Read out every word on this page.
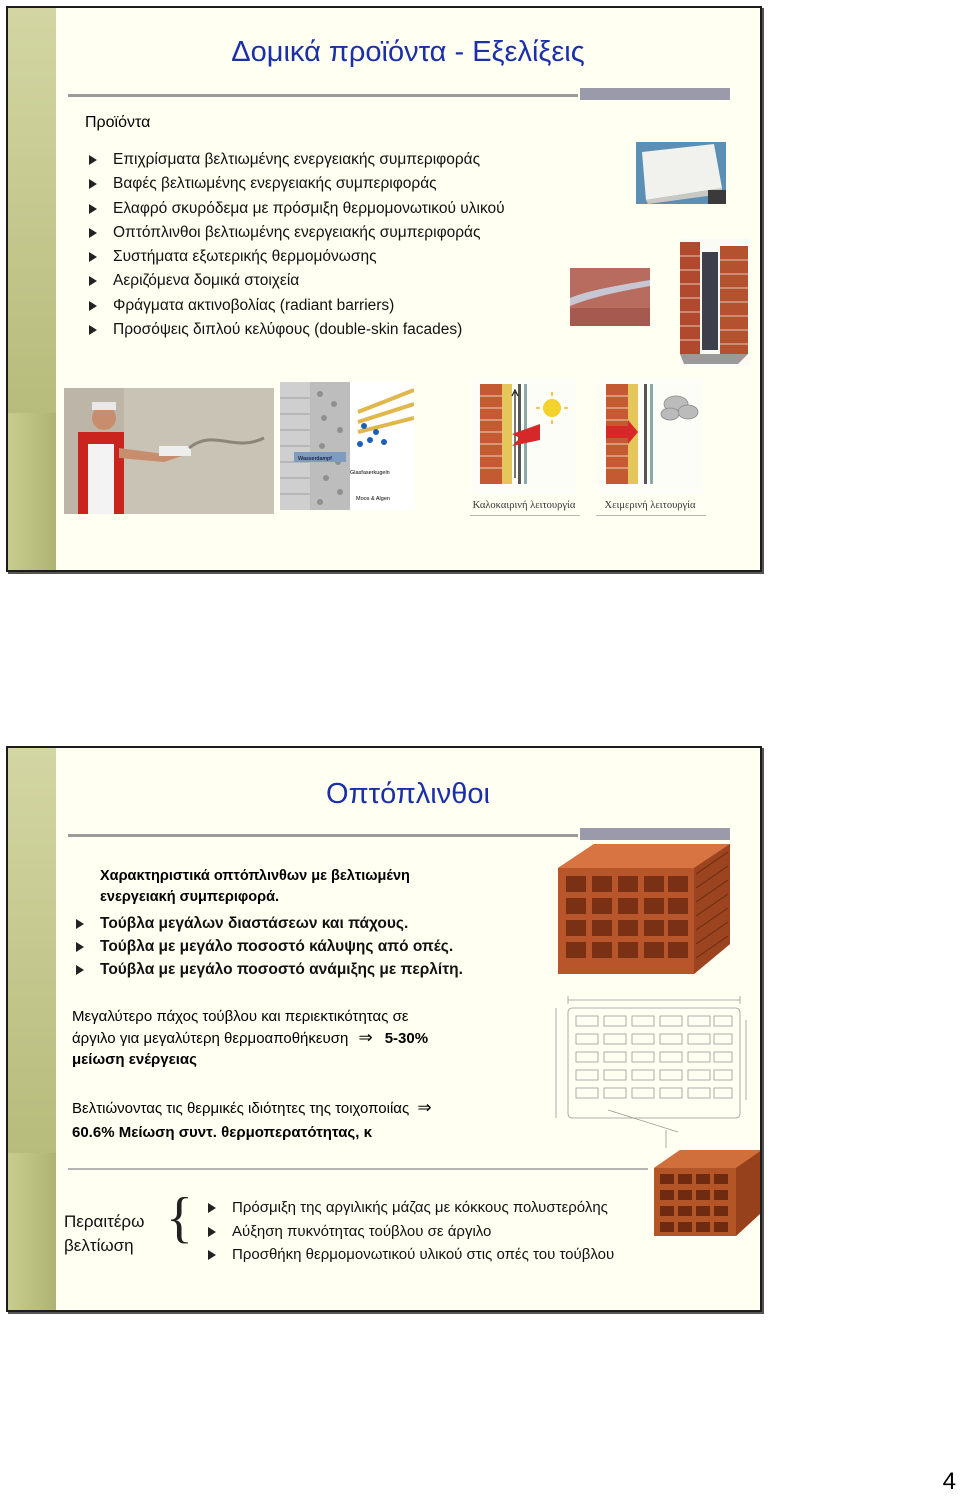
Δομικά προϊόντα - Εξελίξεις
Προϊόντα
Επιχρίσματα βελτιωμένης ενεργειακής συμπεριφοράς
Βαφές βελτιωμένης ενεργειακής συμπεριφοράς
Ελαφρό σκυρόδεμα με πρόσμιξη θερμομονωτικού υλικού
Οπτόπλινθοι βελτιωμένης ενεργειακής συμπεριφοράς
Συστήματα εξωτερικής θερμομόνωσης
Αεριζόμενα δομικά στοιχεία
Φράγματα ακτινοβολίας (radiant barriers)
Προσόψεις διπλού κελύφους (double-skin facades)
Wasserdampf
Glasfaserkugeln
Moos & Algen
Καλοκαιρινή λειτουργία	Χειμερινή λειτουργία
Οπτόπλινθοι
Χαρακτηριστικά οπτόπλινθων με βελτιωμένη
ενεργειακή συμπεριφορά.
Τούβλα μεγάλων διαστάσεων και πάχους.
Τούβλα με μεγάλο ποσοστό κάλυψης από οπές.
Τούβλα με μεγάλο ποσοστό ανάμιξης με περλίτη.
Μεγαλύτερο πάχος τούβλου και περιεκτικότητας σε
άργιλο για μεγαλύτερη θερμοαποθήκευση ⇒ 5-30%
μείωση ενέργειας
Βελτιώνοντας τις θερμικές ιδιότητες της τοιχοποιίας ⇒
60.6% Μείωση συντ. θερμοπερατότητας, κ
Περαιτέρω
βελτίωση {	Πρόσμιξη της αργιλικής μάζας με κόκκους πολυστερόλης
Αύξηση πυκνότητας τούβλου σε άργιλο
Προσθήκη θερμομονωτικού υλικού στις οπές του τούβλου
4
